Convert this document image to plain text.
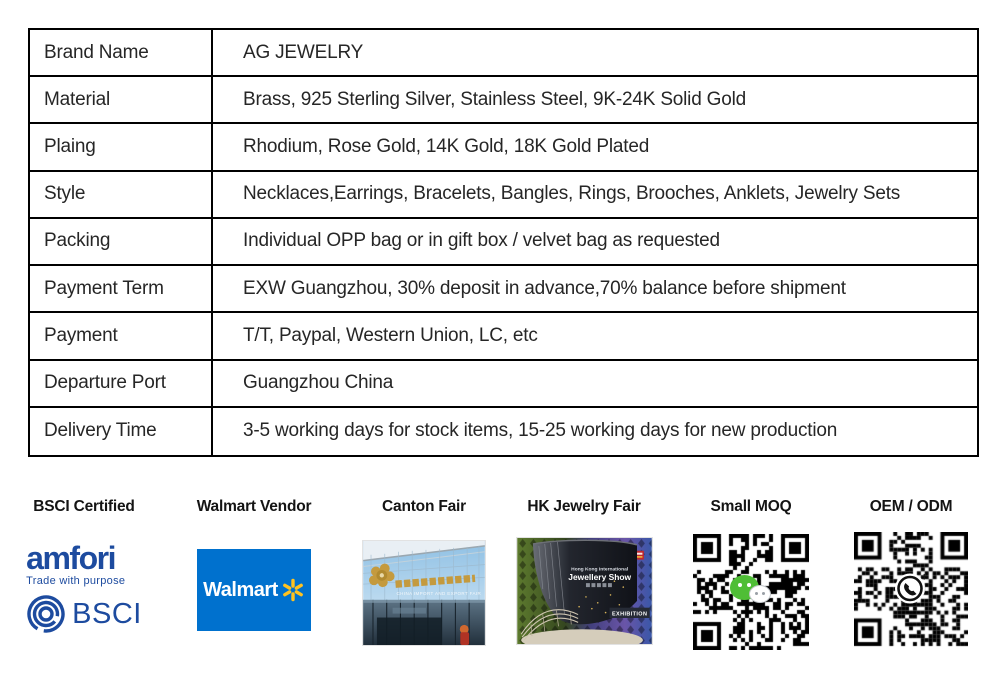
Brand Name	AG JEWELRY
Material	Brass, 925 Sterling Silver, Stainless Steel, 9K-24K Solid Gold
Plaing	Rhodium, Rose Gold, 14K Gold, 18K Gold Plated
Style	Necklaces,Earrings, Bracelets, Bangles, Rings, Brooches, Anklets, Jewelry Sets
Packing	Individual OPP bag or in gift box / velvet bag as requested
Payment Term	EXW Guangzhou, 30% deposit in advance,70% balance before shipment
Payment	T/T, Paypal, Western Union, LC, etc
Departure Port	Guangzhou China
Delivery Time	3-5 working days for stock items, 15-25 working days for new production
BSCI Certified
amfori
Trade with purpose
BSCI
Walmart Vendor
Walmart
Canton Fair
CHINA IMPORT AND EXPORT FAIR
HK Jewelry Fair
Hong Kong International
Jewellery Show
EXHIBITION
Small MOQ	OEM / ODM
+
